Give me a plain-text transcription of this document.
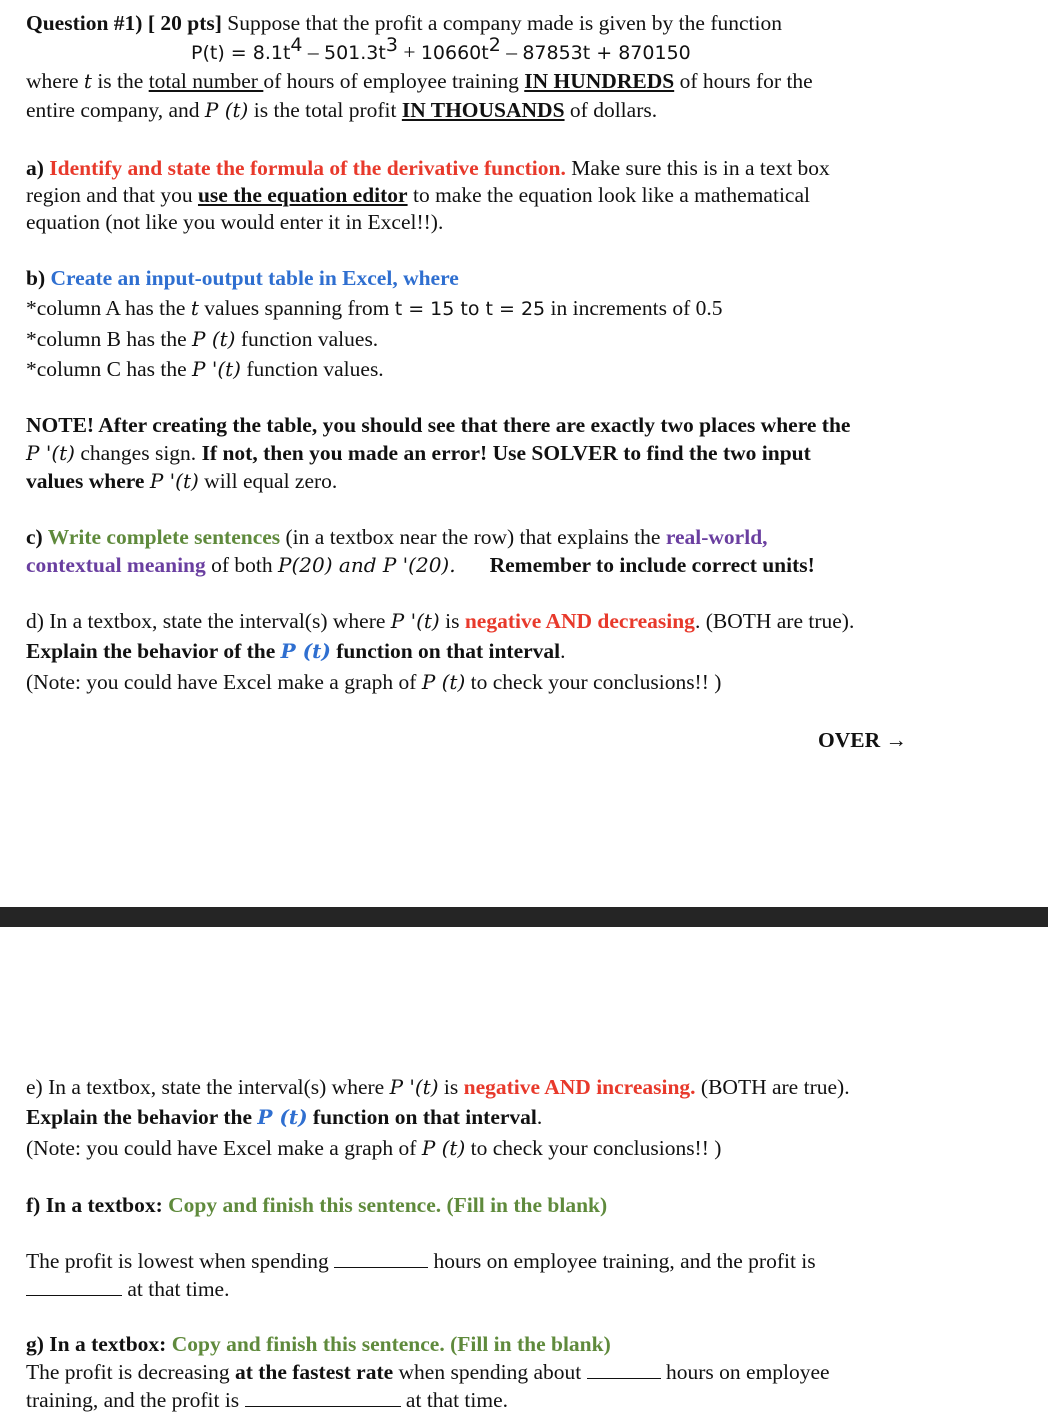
Question #1) [ 20 pts] Suppose that the profit a company made is given by the function
$P(t) = 8.1t^4 - 501.3t^3 + 10660t^2 - 87853t + 870150$
where t is the total number of hours of employee training IN HUNDREDS of hours for the
entire company, and P (t) is the total profit IN THOUSANDS of dollars.
a) Identify and state the formula of the derivative function. Make sure this is in a text box
region and that you use the equation editor to make the equation look like a mathematical
equation (not like you would enter it in Excel!!).
b) Create an input-output table in Excel, where
*column A has the t values spanning from t = 15 to t = 25 in increments of 0.5
*column B has the P (t) function values.
*column C has the P '(t) function values.
NOTE! After creating the table, you should see that there are exactly two places where the
P '(t) changes sign. If not, then you made an error! Use SOLVER to find the two input
values where P '(t) will equal zero.
c) Write complete sentences (in a textbox near the row) that explains the real-world,
contextual meaning of both P(20) and P '(20). Remember to include correct units!
d) In a textbox, state the interval(s) where P '(t) is negative AND decreasing. (BOTH are true).
Explain the behavior of the P (t) function on that interval.
(Note: you could have Excel make a graph of P (t) to check your conclusions!! )
OVER →
e) In a textbox, state the interval(s) where P '(t) is negative AND increasing. (BOTH are true).
Explain the behavior the P (t) function on that interval.
(Note: you could have Excel make a graph of P (t) to check your conclusions!! )
f) In a textbox: Copy and finish this sentence. (Fill in the blank)
The profit is lowest when spending	hours on employee training, and the profit is
at that time.
g) In a textbox: Copy and finish this sentence. (Fill in the blank)
The profit is decreasing at the fastest rate when spending about	hours on employee
training, and the profit is	at that time.
